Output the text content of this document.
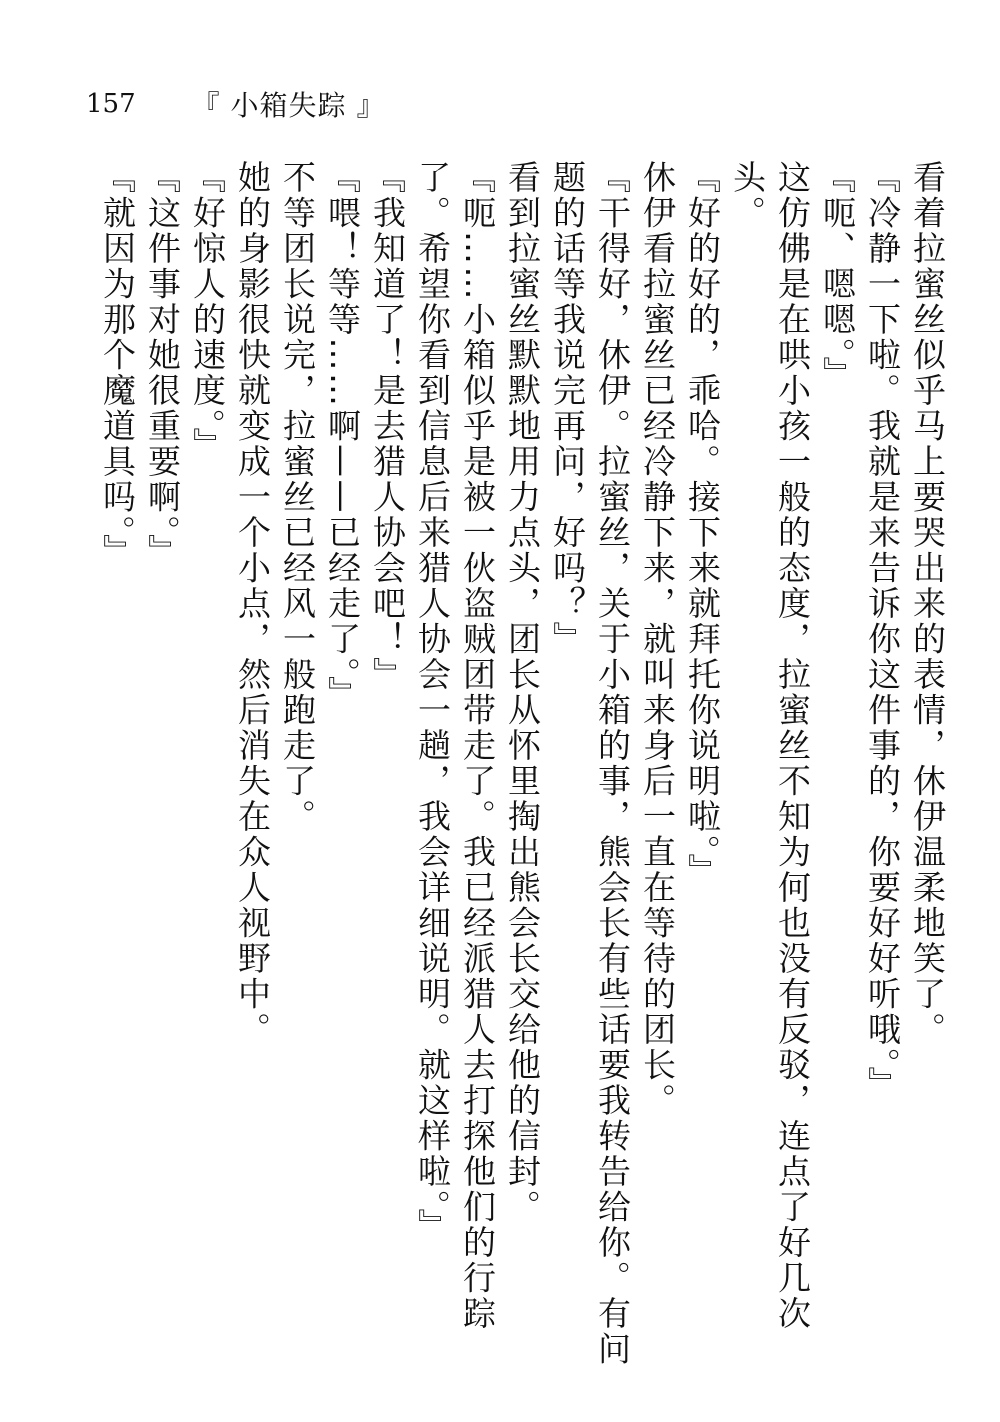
157 『 小箱失踪 』

看着拉蜜丝似乎马上要哭出来的表情，休伊温柔地笑了。

『冷静一下啦。我就是来告诉你这件事的，你要好好听哦。』

『呃、嗯嗯。』

这仿佛是在哄小孩一般的态度，拉蜜丝不知为何也没有反驳，连点了好几次头。

『好的好的，乖哈。接下来就拜托你说明啦。』

休伊看拉蜜丝已经冷静下来，就叫来身后一直在等待的团长。

『干得好，休伊。拉蜜丝，关于小箱的事，熊会长有些话要我转告给你。有问题的话等我说完再问，好吗？』

看到拉蜜丝默默地用力点头，团长从怀里掏出熊会长交给他的信封。

『呃……小箱似乎是被一伙盗贼团带走了。我已经派猎人去打探他们的行踪了。希望你看到信息后来猎人协会一趟，我会详细说明。就这样啦。』

『我知道了！是去猎人协会吧！』

『喂！等等……啊——已经走了。』

不等团长说完，拉蜜丝已经风一般跑走了。

她的身影很快就变成一个小点，然后消失在众人视野中。

『好惊人的速度。』

『这件事对她很重要啊。』

『就因为那个魔道具吗。』
